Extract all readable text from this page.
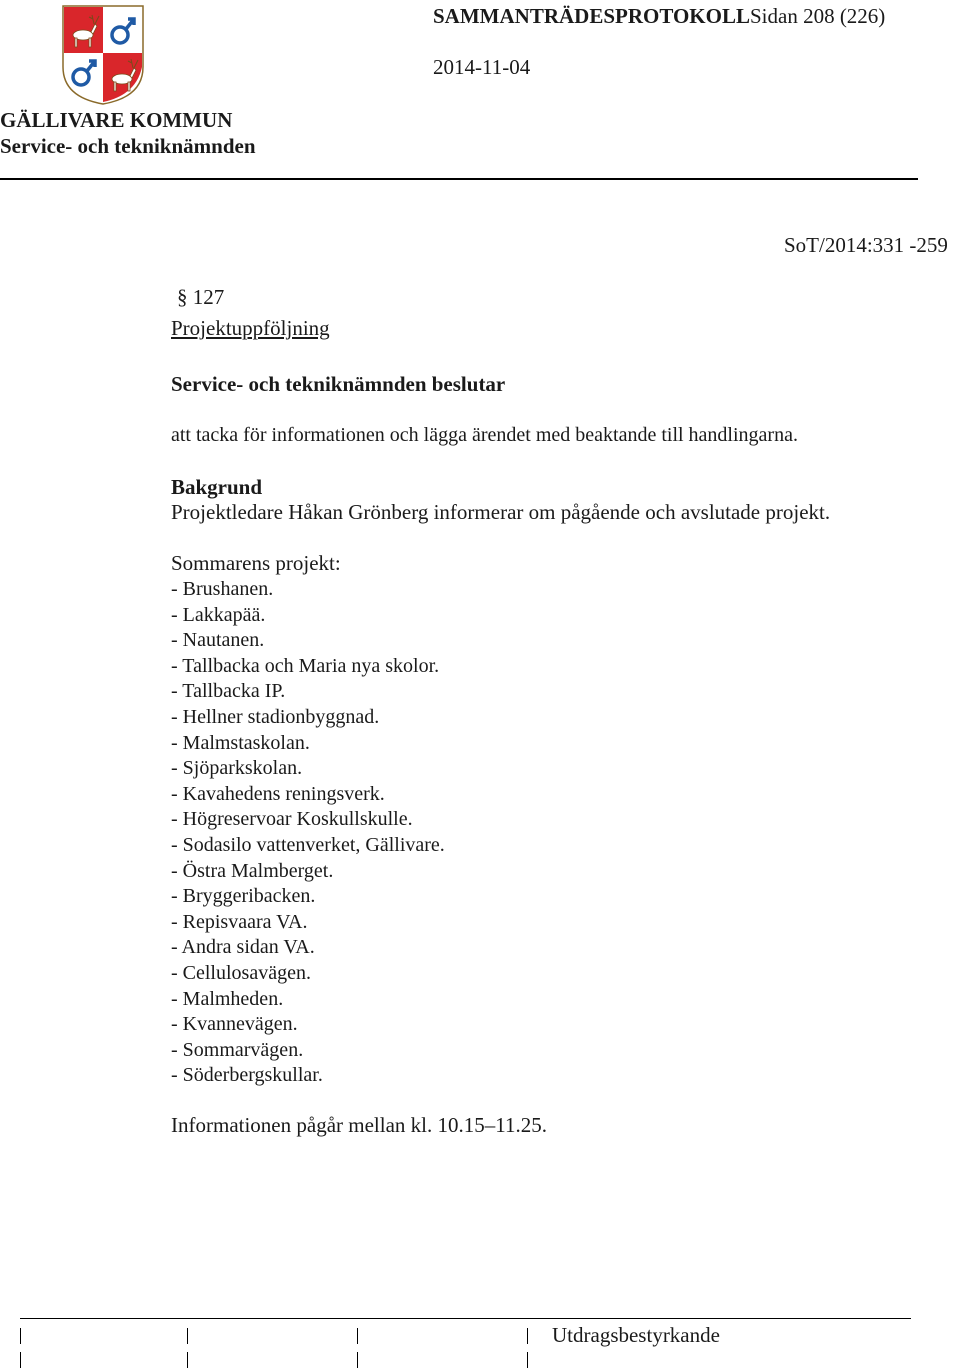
SAMMANTRÄDESPROTOKOLLSidan 208 (226)
2014-11-04
GÄLLIVARE KOMMUN
Service- och tekniknämnden
SoT/2014:331 -259
§ 127
Projektuppföljning
Service- och tekniknämnden beslutar
att tacka för informationen och lägga ärendet med beaktande till handlingarna.
Bakgrund
Projektledare Håkan Grönberg informerar om pågående och avslutade projekt.
Sommarens projekt:
- Brushanen.
- Lakkapää.
- Nautanen.
- Tallbacka och Maria nya skolor.
- Tallbacka IP.
- Hellner stadionbyggnad.
- Malmstaskolan.
- Sjöparkskolan.
- Kavahedens reningsverk.
- Högreservoar Koskullskulle.
- Sodasilo vattenverket, Gällivare.
- Östra Malmberget.
- Bryggeribacken.
- Repisvaara VA.
- Andra sidan VA.
- Cellulosavägen.
- Malmheden.
- Kvannevägen.
- Sommarvägen.
- Söderbergskullar.
Informationen pågår mellan kl. 10.15–11.25.
Utdragsbestyrkande
